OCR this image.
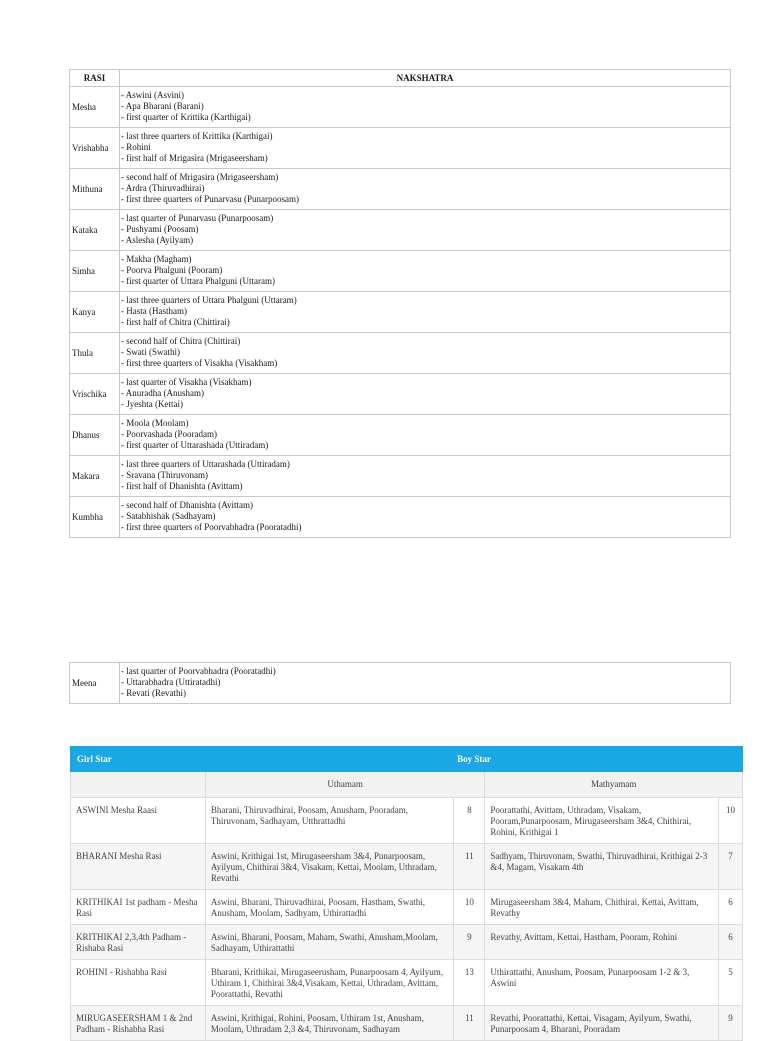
RASI	NAKSHATRA
Mesha	- Aswini (Asvini)
- Apa Bharani (Barani)
- first quarter of Krittika (Karthigai)

Vrishabha	- last three quarters of Krittika (Karthigai)
- Rohini
- first half of Mrigasira (Mrigaseersham)

Mithuna	- second half of Mrigasira (Mrigaseersham)
- Ardra (Thiruvadhirai)
- first three quarters of Punarvasu (Punarpoosam)

Kataka	- last quarter of Punarvasu (Punarpoosam)
- Pushyami (Poosam)
- Aslesha (Ayilyam)

Simha	- Makha (Magham)
- Poorva Phalguni (Pooram)
- first quarter of Uttara Phalguni (Uttaram)

Kanya	- last three quarters of Uttara Phalguni (Uttaram)
- Hasta (Hastham)
- first half of Chitra (Chittirai)

Thula	- second half of Chitra (Chittirai)
- Swati (Swathi)
- first three quarters of Visakha (Visakham)

Vrischika	- last quarter of Visakha (Visakham)
- Anuradha (Anusham)
- Jyeshta (Kettai)

Dhanus	- Moola (Moolam)
- Poorvashada (Pooradam)
- first quarter of Uttarashada (Uttiradam)

Makara	- last three quarters of Uttarashada (Uttiradam)
- Sravana (Thiruvonam)
- first half of Dhanishta (Avittam)

Kumbha	- second half of Dhanishta (Avittam)
- Satabhishak (Sadhayam)
- first three quarters of Poorvabhadra (Pooratadhi)
Meena	
- last quarter of Poorvabhadra (Pooratadhi)
- Uttarabhadra (Uttiratadhi)
- Revati (Revathi)
Girl Star	Boy Star			
	Uthamam		Mathyamam	
ASWINI Mesha Raasi	Bharani, Thiruvadhirai, Poosam, Anusham, Pooradam, Thiruvonam, Sadhayam, Utthrattadhi	8	Poorattathi, Avittam, Uthradam, Visakam, Pooram,Punarpoosam, Mirugaseersham 3&4, Chithirai, Rohini, Krithigai 1	10
BHARANI Mesha Rasi	Aswini, Krithigai 1st, Mirugaseersham 3&4, Punarpoosam, Ayilyum, Chithirai 3&4, Visakam, Kettai, Moolam, Uthradam, Revathi	11	Sadhyam, Thiruvonam, Swathi, Thiruvadhirai, Krithigai 2-3 &4, Magam, Visakam 4th	7
KRITHIKAI 1st padham - Mesha Rasi	Aswini, Bharani, Thiruvadhirai, Poosam, Hastham, Swathi, Anusham, Moolam, Sadhyam, Uthirattadhi	10	Mirugaseersham 3&4, Maham, Chithirai, Kettai, Avittam, Revathy	6
KRITHIKAI 2,3,4th Padham - Rishaba Rasi	Aswini, Bharani, Poosam, Maham, Swathi, Anusham,Moolam, Sadhayam, Uthirattathi	9	Revathy, Avittam, Kettai, Hastham, Pooram, Rohini	6
ROHINI - Rishabha Rasi	Bharani, Krithikai, Mirugaseerusham, Punarpoosam 4, Ayilyum, Uthiram 1, Chithirai 3&4,Visakam, Kettai, Uthradam, Avittam, Poorattathi, Revathi	13	Uthirattathi, Anusham, Poosam, Punarpoosam 1-2 & 3, Aswini	5
MIRUGASEERSHAM 1 & 2nd Padham - Rishabha Rasi	Aswini, Krithigai, Rohini, Poosam, Uthiram 1st, Anusham, Moolam, Uthradam 2,3 &4, Thiruvonam, Sadhayam	11	Revathi, Poorattathi, Kettai, Visagam, Ayilyum, Swathi, Punarpoosam 4, Bharani, Pooradam	9
